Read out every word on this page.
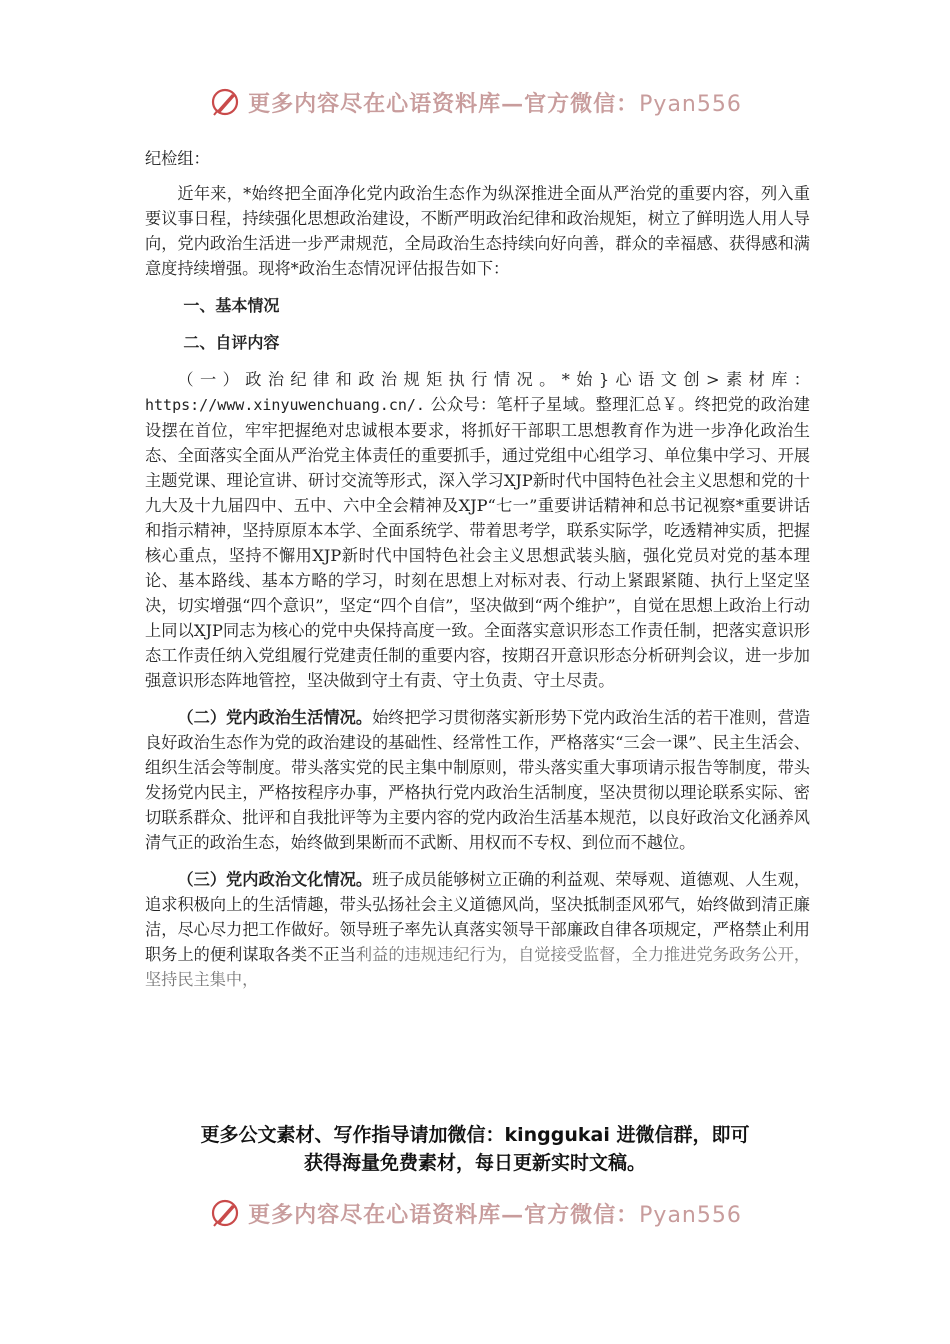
更多内容尽在心语资料库—官方微信：Pyan556

纪检组：

近年来，*始终把全面净化党内政治生态作为纵深推进全面从严治党的重要内容，列入重要议事日程，持续强化思想政治建设，不断严明政治纪律和政治规矩，树立了鲜明选人用人导向，党内政治生活进一步严肃规范，全局政治生态持续向好向善，群众的幸福感、获得感和满意度持续增强。现将*政治生态情况评估报告如下：

一、基本情况

二、自评内容

（一）政治纪律和政治规矩执行情况。*始}心语文创>素材库：https://www.xinyuwenchuang.cn/. 公众号：笔杆子星域。整理汇总￥。终把党的政治建设摆在首位，牢牢把握绝对忠诚根本要求，将抓好干部职工思想教育作为进一步净化政治生态、全面落实全面从严治党主体责任的重要抓手，通过党组中心组学习、单位集中学习、开展主题党课、理论宣讲、研讨交流等形式，深入学习XJP新时代中国特色社会主义思想和党的十九大及十九届四中、五中、六中全会精神及XJP“七一”重要讲话精神和总书记视察*重要讲话和指示精神，坚持原原本本学、全面系统学、带着思考学，联系实际学，吃透精神实质，把握核心重点，坚持不懈用XJP新时代中国特色社会主义思想武装头脑，强化党员对党的基本理论、基本路线、基本方略的学习，时刻在思想上对标对表、行动上紧跟紧随、执行上坚定坚决，切实增强“四个意识”，坚定“四个自信”，坚决做到“两个维护”，自觉在思想上政治上行动上同以XJP同志为核心的党中央保持高度一致。全面落实意识形态工作责任制，把落实意识形态工作责任纳入党组履行党建责任制的重要内容，按期召开意识形态分析研判会议，进一步加强意识形态阵地管控，坚决做到守土有责、守土负责、守土尽责。

（二）党内政治生活情况。始终把学习贯彻落实新形势下党内政治生活的若干准则，营造良好政治生态作为党的政治建设的基础性、经常性工作，严格落实“三会一课”、民主生活会、组织生活会等制度。带头落实党的民主集中制原则，带头落实重大事项请示报告等制度，带头发扬党内民主，严格按程序办事，严格执行党内政治生活制度，坚决贯彻以理论联系实际、密切联系群众、批评和自我批评等为主要内容的党内政治生活基本规范，以良好政治文化涵养风清气正的政治生态，始终做到果断而不武断、用权而不专权、到位而不越位。

（三）党内政治文化情况。班子成员能够树立正确的利益观、荣辱观、道德观、人生观，追求积极向上的生活情趣，带头弘扬社会主义道德风尚，坚决抵制歪风邪气，始终做到清正廉洁，尽心尽力把工作做好。领导班子率先认真落实领导干部廉政自律各项规定，严格禁止利用职务上的便利谋取各类不正当利益的违规违纪行为，自觉接受监督，全力推进党务政务公开，坚持民主集中，

更多公文素材、写作指导请加微信：kinggukai 进微信群，即可
获得海量免费素材，每日更新实时文稿。
更多内容尽在心语资料库—官方微信：Pyan556
